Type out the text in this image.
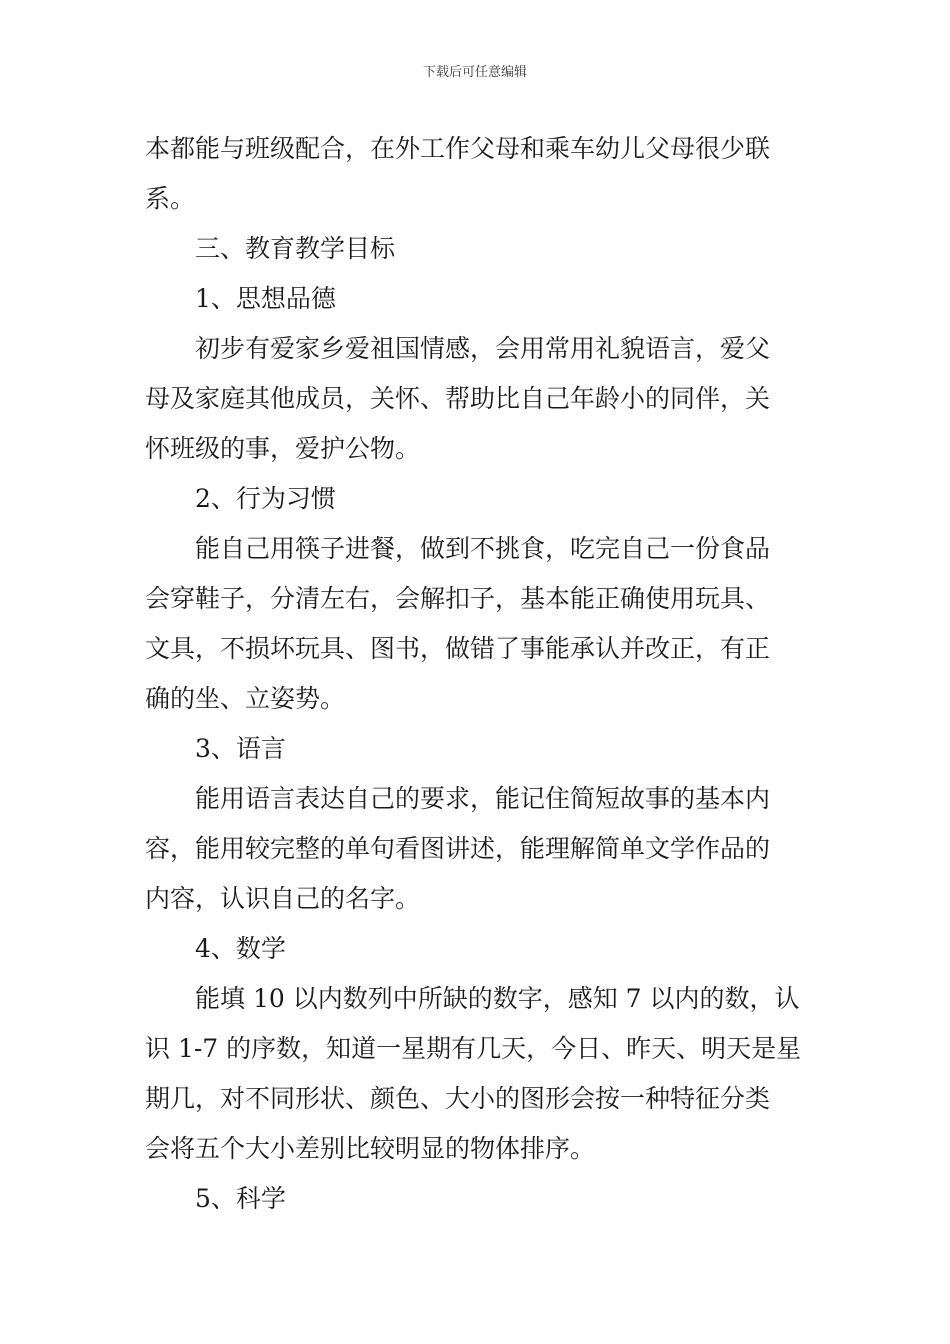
下载后可任意编辑
本都能与班级配合，在外工作父母和乘车幼儿父母很少联
系。
三、教育教学目标
1、思想品德
初步有爱家乡爱祖国情感，会用常用礼貌语言，爱父
母及家庭其他成员，关怀、帮助比自己年龄小的同伴，关
怀班级的事，爱护公物。
2、行为习惯
能自己用筷子进餐，做到不挑食，吃完自己一份食品
会穿鞋子，分清左右，会解扣子，基本能正确使用玩具、
文具，不损坏玩具、图书，做错了事能承认并改正，有正
确的坐、立姿势。
3、语言
能用语言表达自己的要求，能记住简短故事的基本内
容，能用较完整的单句看图讲述，能理解简单文学作品的
内容，认识自己的名字。
4、数学
能填 10 以内数列中所缺的数字，感知 7 以内的数，认
识 1-7 的序数，知道一星期有几天，今日、昨天、明天是星
期几，对不同形状、颜色、大小的图形会按一种特征分类
会将五个大小差别比较明显的物体排序。
5、科学
